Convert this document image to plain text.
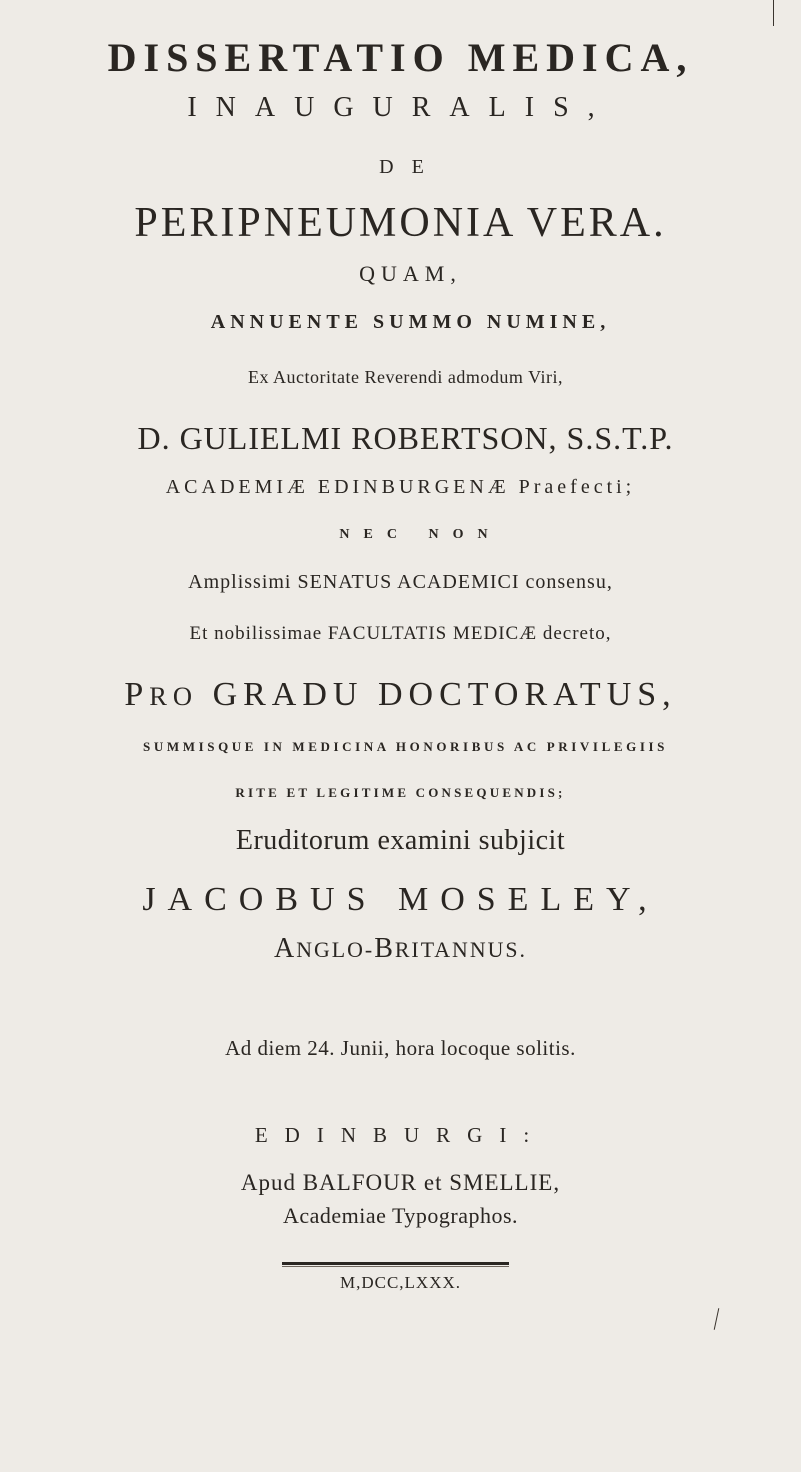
DISSERTATIO MEDICA,
INAUGURALIS,
DE
PERIPNEUMONIA VERA.
QUAM,
ANNUENTE SUMMO NUMINE,
Ex Auctoritate Reverendi admodum Viri,
D. GULIELMI ROBERTSON, S.S.T.P.
ACADEMIÆ EDINBURGENÆ Praefecti;
NEC NON
Amplissimi SENATUS ACADEMICI consensu,
Et nobilissimae FACULTATIS MEDICÆ decreto,
PRO GRADU DOCTORATUS,
SUMMISQUE IN MEDICINA HONORIBUS AC PRIVILEGIIS
RITE ET LEGITIME CONSEQUENDIS;
Eruditorum examini subjicit
JACOBUS MOSELEY,
ANGLO-BRITANNUS.
Ad diem 24. Junii, hora locoque solitis.
EDINBURGI:
Apud BALFOUR et SMELLIE,
Academiae Typographos.
M,DCC,LXXX.
